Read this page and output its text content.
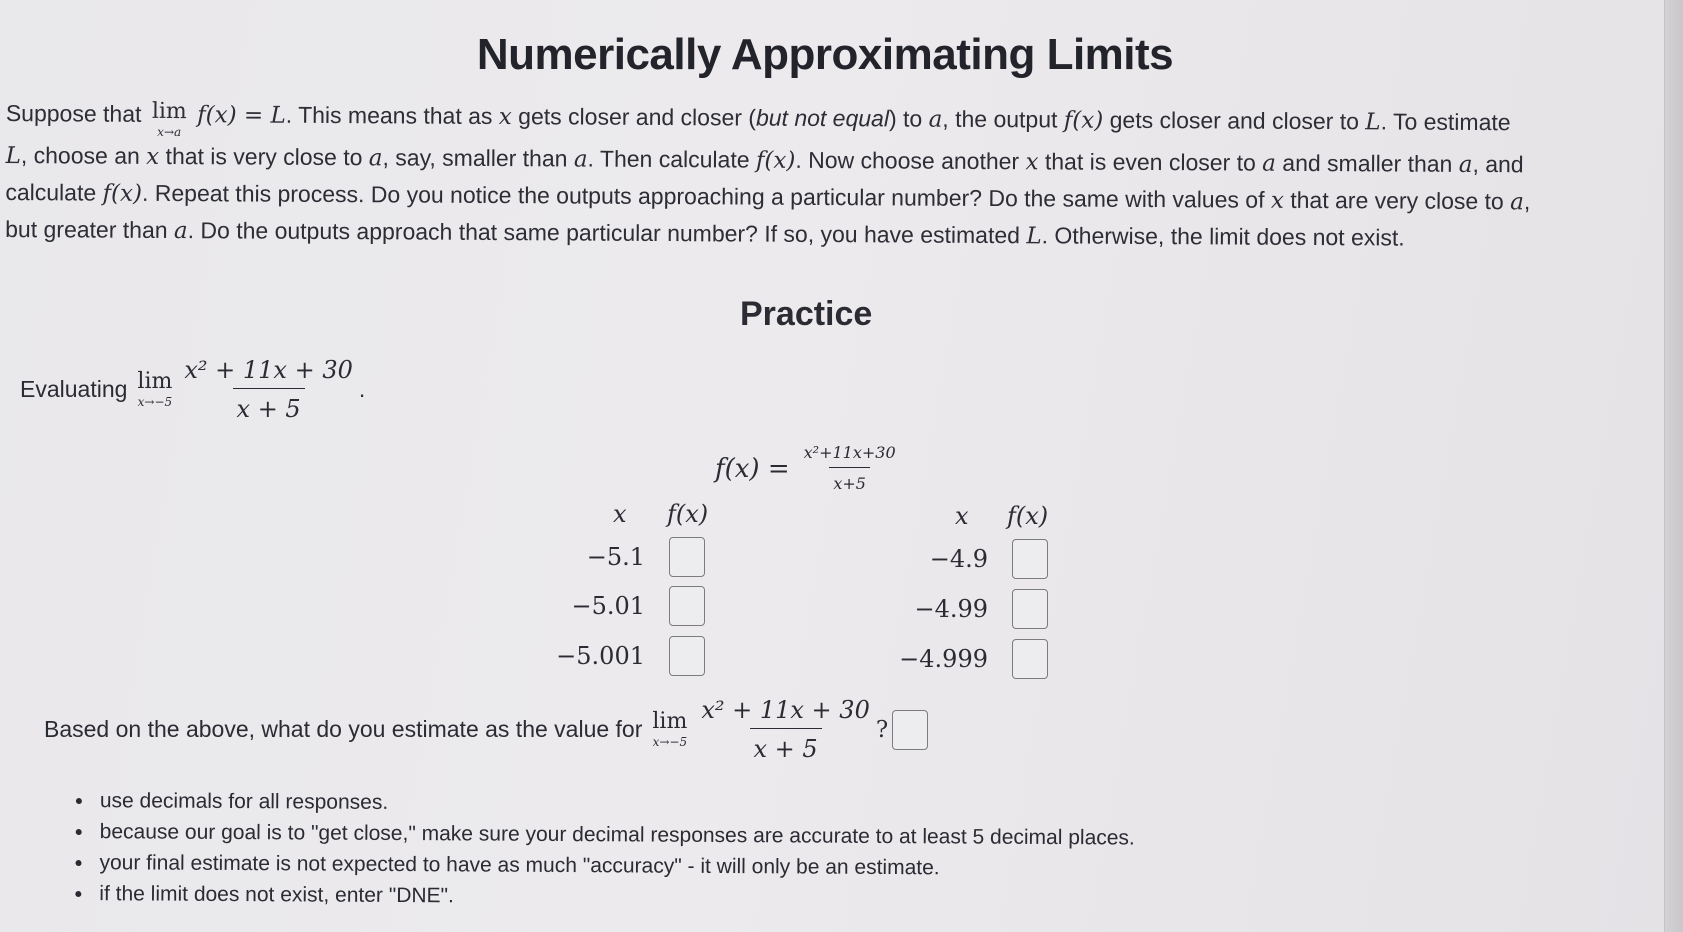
Numerically Approximating Limits

Suppose that lim
x→a
f(x) = L. This means that as x gets closer and closer (but not equal) to a, the output f(x) gets closer and closer to L. To estimate

L, choose an x that is very close to a, say, smaller than a. Then calculate f(x). Now choose another x that is even closer to a and smaller than a, and

calculate f(x). Repeat this process. Do you notice the outputs approaching a particular number? Do the same with values of x that are very close to a,

but greater than a. Do the outputs approach that same particular number? If so, you have estimated L. Otherwise, the limit does not exist.

Practice
Evaluating lim
$x\to-5 \frac{\text{x² + 11x + 30}}{x + 5}$ .
$f(x) = \frac{\text{x²+11x+30}}{x+5}$
x f(x)
−5.1
−5.01
−5.001
x f(x)
−4.9
−4.99
−4.999
Based on the above, what do you estimate as the value for lim
$x\to-5 \frac{\text{x² + 11x + 30}}{x + 5}$ ?
use decimals for all responses.
because our goal is to "get close," make sure your decimal responses are accurate to at least 5 decimal places.
your final estimate is not expected to have as much "accuracy" - it will only be an estimate.
if the limit does not exist, enter "DNE".
